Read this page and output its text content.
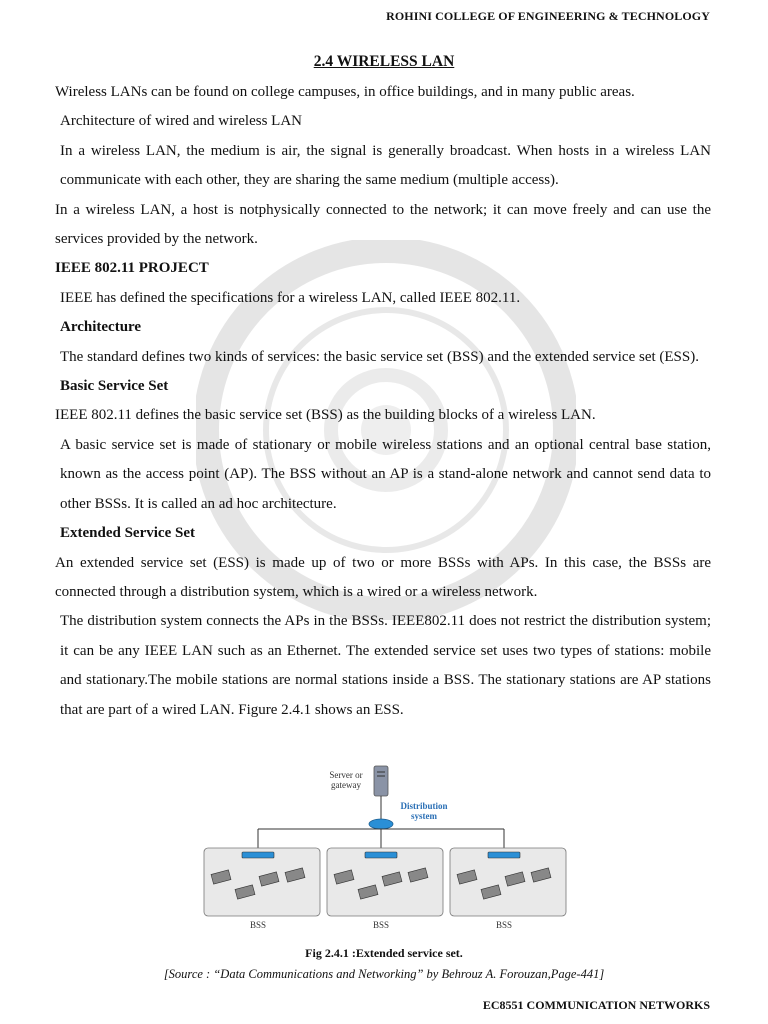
ROHINI COLLEGE OF ENGINEERING & TECHNOLOGY
2.4 WIRELESS LAN

Wireless LANs can be found on college campuses, in office buildings, and in many public areas.

Architecture of wired and wireless LAN

In a wireless LAN, the medium is air, the signal is generally broadcast. When hosts in a wireless LAN communicate with each other, they are sharing the same medium (multiple access).

In a wireless LAN, a host is notphysically connected to the network; it can move freely and can use the services provided by the network.

IEEE 802.11 PROJECT

IEEE has defined the specifications for a wireless LAN, called IEEE 802.11.

Architecture

The standard defines two kinds of services: the basic service set (BSS) and the extended service set (ESS).

Basic Service Set

IEEE 802.11 defines the basic service set (BSS) as the building blocks of a wireless LAN.

A basic service set is made of stationary or mobile wireless stations and an optional central base station, known as the access point (AP). The BSS without an AP is a stand-alone network and cannot send data to other BSSs. It is called an ad hoc architecture.

Extended Service Set

An extended service set (ESS) is made up of two or more BSSs with APs. In this case, the BSSs are connected through a distribution system, which is a wired or a wireless network.

The distribution system connects the APs in the BSSs. IEEE802.11 does not restrict the distribution system; it can be any IEEE LAN such as an Ethernet. The extended service set uses two types of stations: mobile and stationary.The mobile stations are normal stations inside a BSS. The stationary stations are AP stations that are part of a wired LAN. Figure 2.4.1 shows an ESS.

Server or
gateway
Distribution
system
BSS	BSS	BSS
Fig 2.4.1 :Extended service set.
[Source : “Data Communications and Networking” by Behrouz A. Forouzan,Page-441]
EC8551 COMMUNICATION NETWORKS
